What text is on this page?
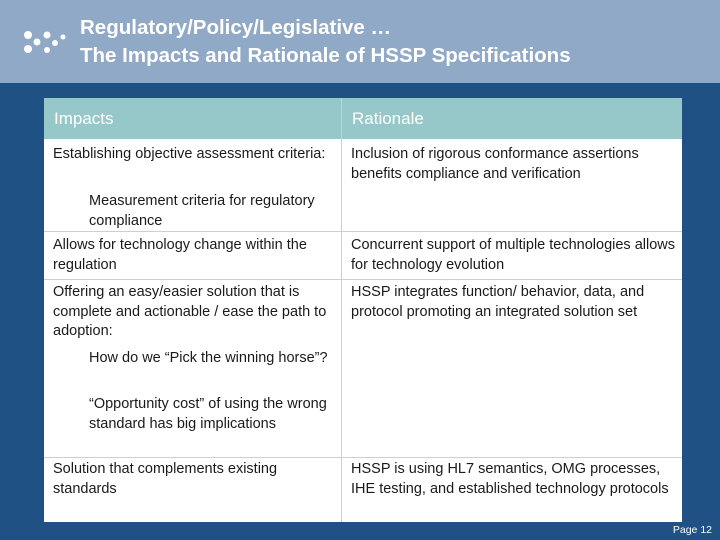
Regulatory/Policy/Legislative …
The Impacts and Rationale of HSSP Specifications
Impacts	Rationale
Establishing objective assessment criteria:	Inclusion of rigorous conformance assertions benefits compliance and verification
Measurement criteria for regulatory compliance
Allows for technology change within the regulation
Concurrent support of multiple technologies allows for technology evolution
Offering an easy/easier solution that is complete and actionable / ease the path to adoption:
HSSP integrates function/ behavior, data, and protocol promoting an integrated solution set
How do we “Pick the winning horse”?
“Opportunity cost” of using the wrong standard has big implications
Solution that complements existing standards
HSSP is using HL7 semantics, OMG processes, IHE testing, and established technology protocols
Page 12
